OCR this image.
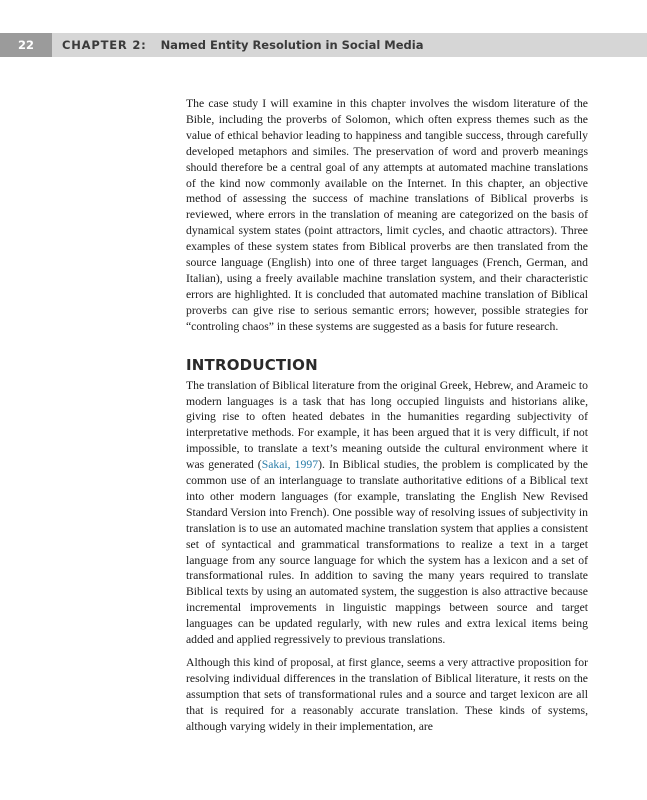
22	CHAPTER 2: Named Entity Resolution in Social Media

The case study I will examine in this chapter involves the wisdom literature of the Bible, including the proverbs of Solomon, which often express themes such as the value of ethical behavior leading to happiness and tangible success, through carefully developed metaphors and similes. The preservation of word and proverb meanings should therefore be a central goal of any attempts at automated machine translations of the kind now commonly available on the Internet. In this chapter, an objective method of assessing the success of machine translations of Biblical proverbs is reviewed, where errors in the translation of meaning are categorized on the basis of dynamical system states (point attractors, limit cycles, and chaotic attractors). Three examples of these system states from Biblical proverbs are then translated from the source language (English) into one of three target languages (French, German, and Italian), using a freely available machine translation system, and their characteristic errors are highlighted. It is concluded that automated machine translation of Biblical proverbs can give rise to serious semantic errors; however, possible strategies for “controling chaos” in these systems are suggested as a basis for future research.

INTRODUCTION

The translation of Biblical literature from the original Greek, Hebrew, and Arameic to modern languages is a task that has long occupied linguists and historians alike, giving rise to often heated debates in the humanities regarding subjectivity of interpretative methods. For example, it has been argued that it is very difficult, if not impossible, to translate a text’s meaning outside the cultural environment where it was generated (Sakai, 1997). In Biblical studies, the problem is complicated by the common use of an interlanguage to translate authoritative editions of a Biblical text into other modern languages (for example, translating the English New Revised Standard Version into French). One possible way of resolving issues of subjectivity in translation is to use an automated machine translation system that applies a consistent set of syntactical and grammatical transformations to realize a text in a target language from any source language for which the system has a lexicon and a set of transformational rules. In addition to saving the many years required to translate Biblical texts by using an automated system, the suggestion is also attractive because incremental improvements in linguistic mappings between source and target languages can be updated regularly, with new rules and extra lexical items being added and applied regressively to previous translations.

Although this kind of proposal, at first glance, seems a very attractive proposition for resolving individual differences in the translation of Biblical literature, it rests on the assumption that sets of transformational rules and a source and target lexicon are all that is required for a reasonably accurate translation. These kinds of systems, although varying widely in their implementation, are
